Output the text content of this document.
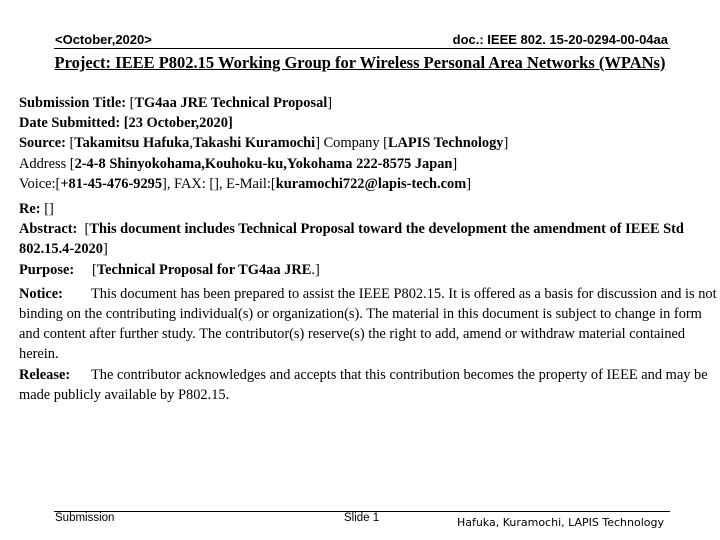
<October,2020>	doc.: IEEE 802. 15-20-0294-00-04aa
Project: IEEE P802.15 Working Group for Wireless Personal Area Networks (WPANs)

Submission Title: [TG4aa JRE Technical Proposal]

Date Submitted: [23 October,2020]

Source: [Takamitsu Hafuka,Takashi Kuramochi] Company [LAPIS Technology]

Address [2-4-8 Shinyokohama,Kouhoku-ku,Yokohama 222-8575 Japan]

Voice:[+81-45-476-9295], FAX: [], E-Mail:[kuramochi722@lapis-tech.com]

Re: []

Abstract:  [This document includes Technical Proposal toward the development the amendment of IEEE Std 802.15.4-2020]

Purpose: [Technical Proposal for TG4aa JRE.]

Notice: This document has been prepared to assist the IEEE P802.15. It is offered as a basis for discussion and is not binding on the contributing individual(s) or organization(s). The material in this document is subject to change in form and content after further study. The contributor(s) reserve(s) the right to add, amend or withdraw material contained herein.

Release: The contributor acknowledges and accepts that this contribution becomes the property of IEEE and may be made publicly available by P802.15.

Submission	Slide 1	Hafuka, Kuramochi, LAPIS Technology
